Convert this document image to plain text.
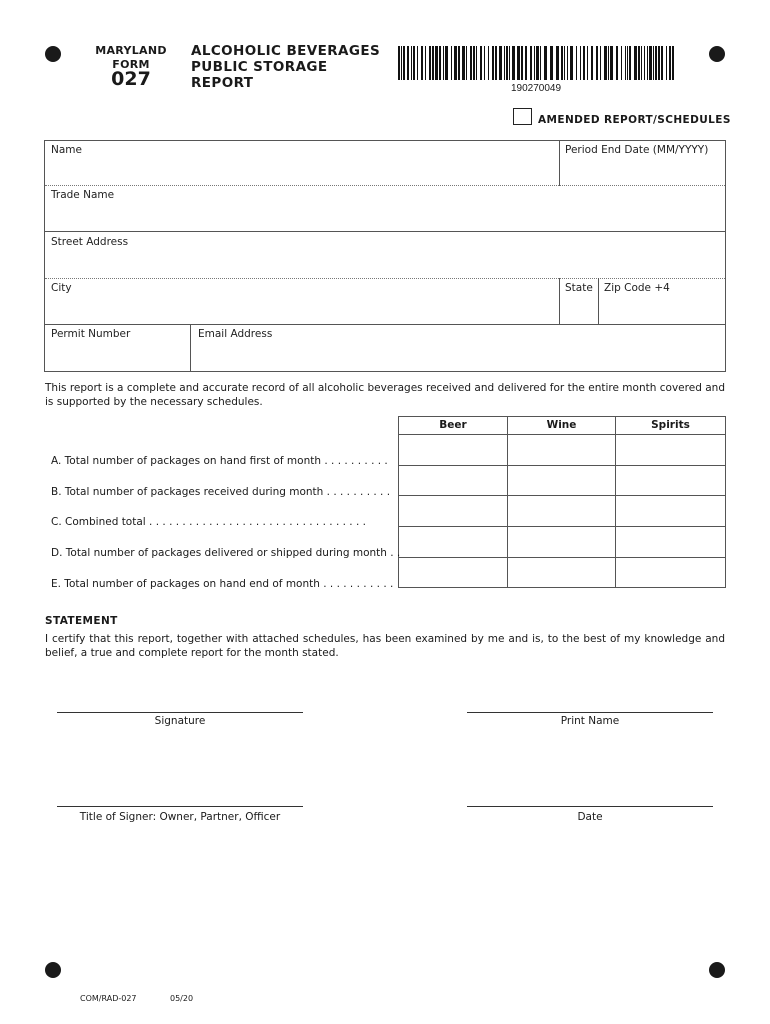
MARYLAND
FORM
027
ALCOHOLIC BEVERAGES
PUBLIC STORAGE
REPORT	190270049
AMENDED REPORT/SCHEDULES
Name	Period End Date (MM/YYYY)
Trade Name
Street Address
City	State Zip Code +4
Permit Number	Email Address
This report is a complete and accurate record of all alcoholic beverages received and delivered for the entire month covered and is supported by the necessary schedules.
Beer	Wine	Spirits
A. Total number of packages on hand first of month . . . . . . . . . .
B. Total number of packages received during month . . . . . . . . . .
C. Combined total . . . . . . . . . . . . . . . . . . . . . . . . . . . . . . . . .
D. Total number of packages delivered or shipped during month . .
E. Total number of packages on hand end of month . . . . . . . . . . .
STATEMENT
I certify that this report, together with attached schedules, has been examined by me and is, to the best of my knowledge and belief, a true and complete report for the month stated.
Signature	Print Name
Title of Signer: Owner, Partner, Officer	Date
COM/RAD-027	05/20
